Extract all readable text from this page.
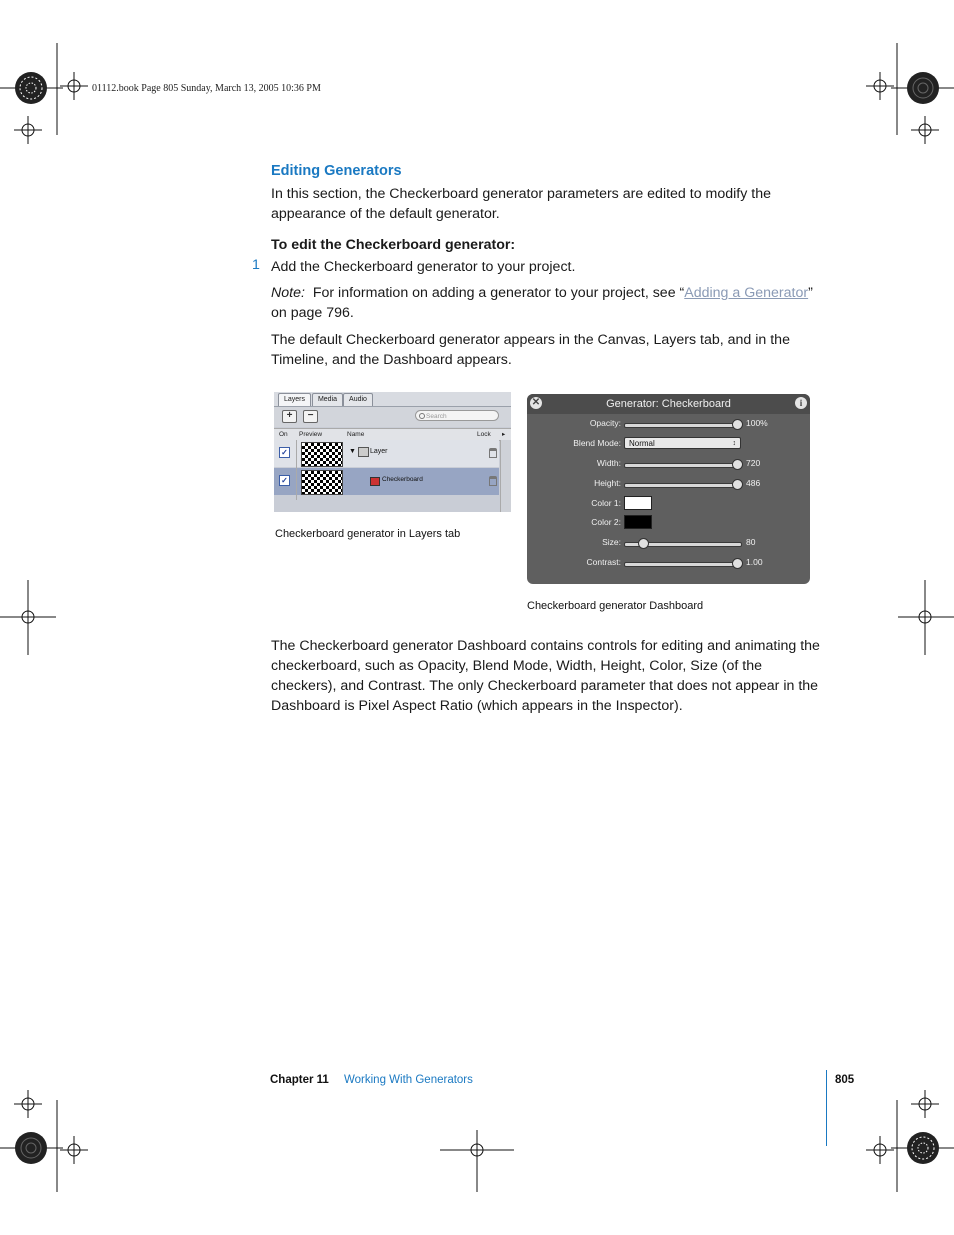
01112.book Page 805 Sunday, March 13, 2005 10:36 PM
Editing Generators
In this section, the Checkerboard generator parameters are edited to modify the appearance of the default generator.
To edit the Checkerboard generator:
1 Add the Checkerboard generator to your project.
Note: For information on adding a generator to your project, see “Adding a Generator” on page 796.
The default Checkerboard generator appears in the Canvas, Layers tab, and in the Timeline, and the Dashboard appears.
Layers	Media	Audio
+	−	Search
On Preview	Name	Lock ▸
✓	▼ Layer
✓	Checkerboard
Checkerboard generator in Layers tab
Generator: Checkerboard
✕	i
Opacity:	100%
Blend Mode:	Normal	↕
Width:	720
Height:	486
Color 1:
Color 2:
Size:	80
Contrast:	1.00
Checkerboard generator Dashboard
The Checkerboard generator Dashboard contains controls for editing and animating the checkerboard, such as Opacity, Blend Mode, Width, Height, Color, Size (of the checkers), and Contrast. The only Checkerboard parameter that does not appear in the Dashboard is Pixel Aspect Ratio (which appears in the Inspector).
Chapter 11 Working With Generators	805
